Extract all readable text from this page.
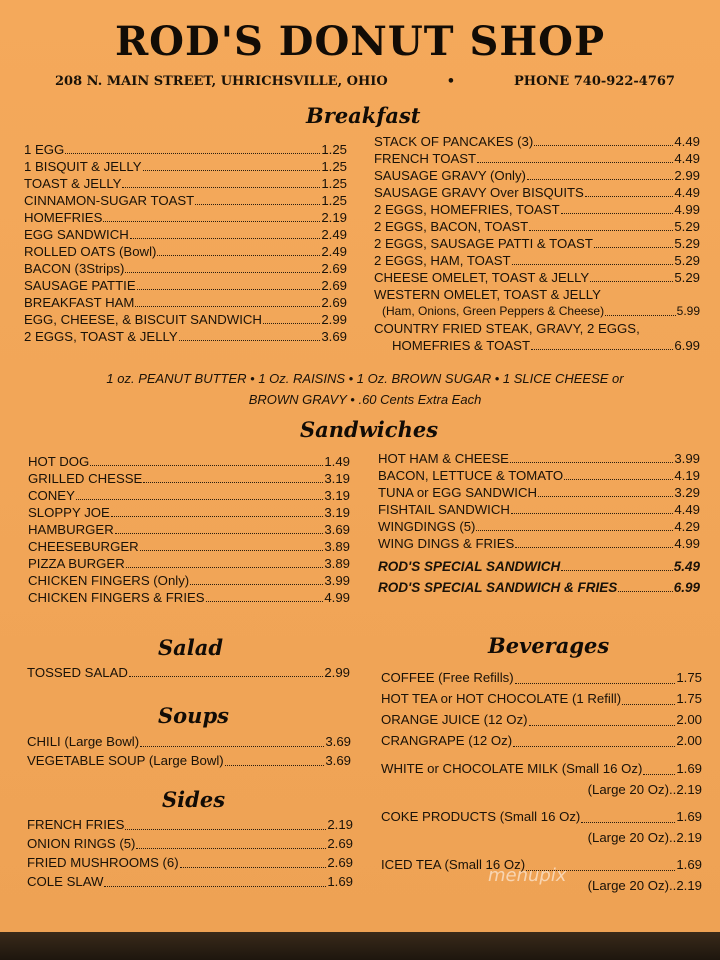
ROD'S DONUT SHOP
208 N. MAIN STREET, UHRICHSVILLE, OHIO	•	PHONE 740-922-4767
Breakfast
1 EGG	1.25
1 BISQUIT & JELLY	1.25
TOAST & JELLY	1.25
CINNAMON-SUGAR TOAST	1.25
HOMEFRIES	2.19
EGG SANDWICH	2.49
ROLLED OATS (Bowl)	2.49
BACON (3Strips)	2.69
SAUSAGE PATTIE	2.69
BREAKFAST HAM	2.69
EGG, CHEESE, & BISCUIT SANDWICH	2.99
2 EGGS, TOAST & JELLY	3.69
STACK OF PANCAKES (3)	4.49
FRENCH TOAST	4.49
SAUSAGE GRAVY (Only)	2.99
SAUSAGE GRAVY Over BISQUITS	4.49
2 EGGS, HOMEFRIES, TOAST	4.99
2 EGGS, BACON, TOAST	5.29
2 EGGS, SAUSAGE PATTI & TOAST	5.29
2 EGGS, HAM, TOAST	5.29
CHEESE OMELET, TOAST & JELLY	5.29
WESTERN OMELET, TOAST & JELLY
(Ham, Onions, Green Peppers & Cheese)	5.99
COUNTRY FRIED STEAK, GRAVY, 2 EGGS,
HOMEFRIES & TOAST	6.99
1 oz. PEANUT BUTTER • 1 Oz. RAISINS • 1 Oz. BROWN SUGAR • 1 SLICE CHEESE or
BROWN GRAVY • .60 Cents Extra Each
Sandwiches
HOT DOG	1.49
GRILLED CHESSE	3.19
CONEY	3.19
SLOPPY JOE	3.19
HAMBURGER	3.69
CHEESEBURGER	3.89
PIZZA BURGER	3.89
CHICKEN FINGERS (Only)	3.99
CHICKEN FINGERS & FRIES	4.99
HOT HAM & CHEESE	3.99
BACON, LETTUCE & TOMATO	4.19
TUNA or EGG SANDWICH	3.29
FISHTAIL SANDWICH	4.49
WINGDINGS (5)	4.29
WING DINGS & FRIES	4.99
ROD'S SPECIAL SANDWICH	5.49
ROD'S SPECIAL SANDWICH & FRIES	6.99
Salad
TOSSED SALAD	2.99
Soups
CHILI (Large Bowl)	3.69
VEGETABLE SOUP (Large Bowl)	3.69
Sides
FRENCH FRIES	2.19
ONION RINGS (5)	2.69
FRIED MUSHROOMS (6)	2.69
COLE SLAW	1.69
Beverages
COFFEE (Free Refills)	1.75
HOT TEA or HOT CHOCOLATE (1 Refill)	1.75
ORANGE JUICE (12 Oz)	2.00
CRANGRAPE (12 Oz)	2.00
WHITE or CHOCOLATE MILK (Small 16 Oz)	1.69
(Large 20 Oz)..2.19
COKE PRODUCTS (Small 16 Oz)	1.69
(Large 20 Oz)..2.19
ICED TEA (Small 16 Oz)	1.69
(Large 20 Oz)..2.19
menupix
